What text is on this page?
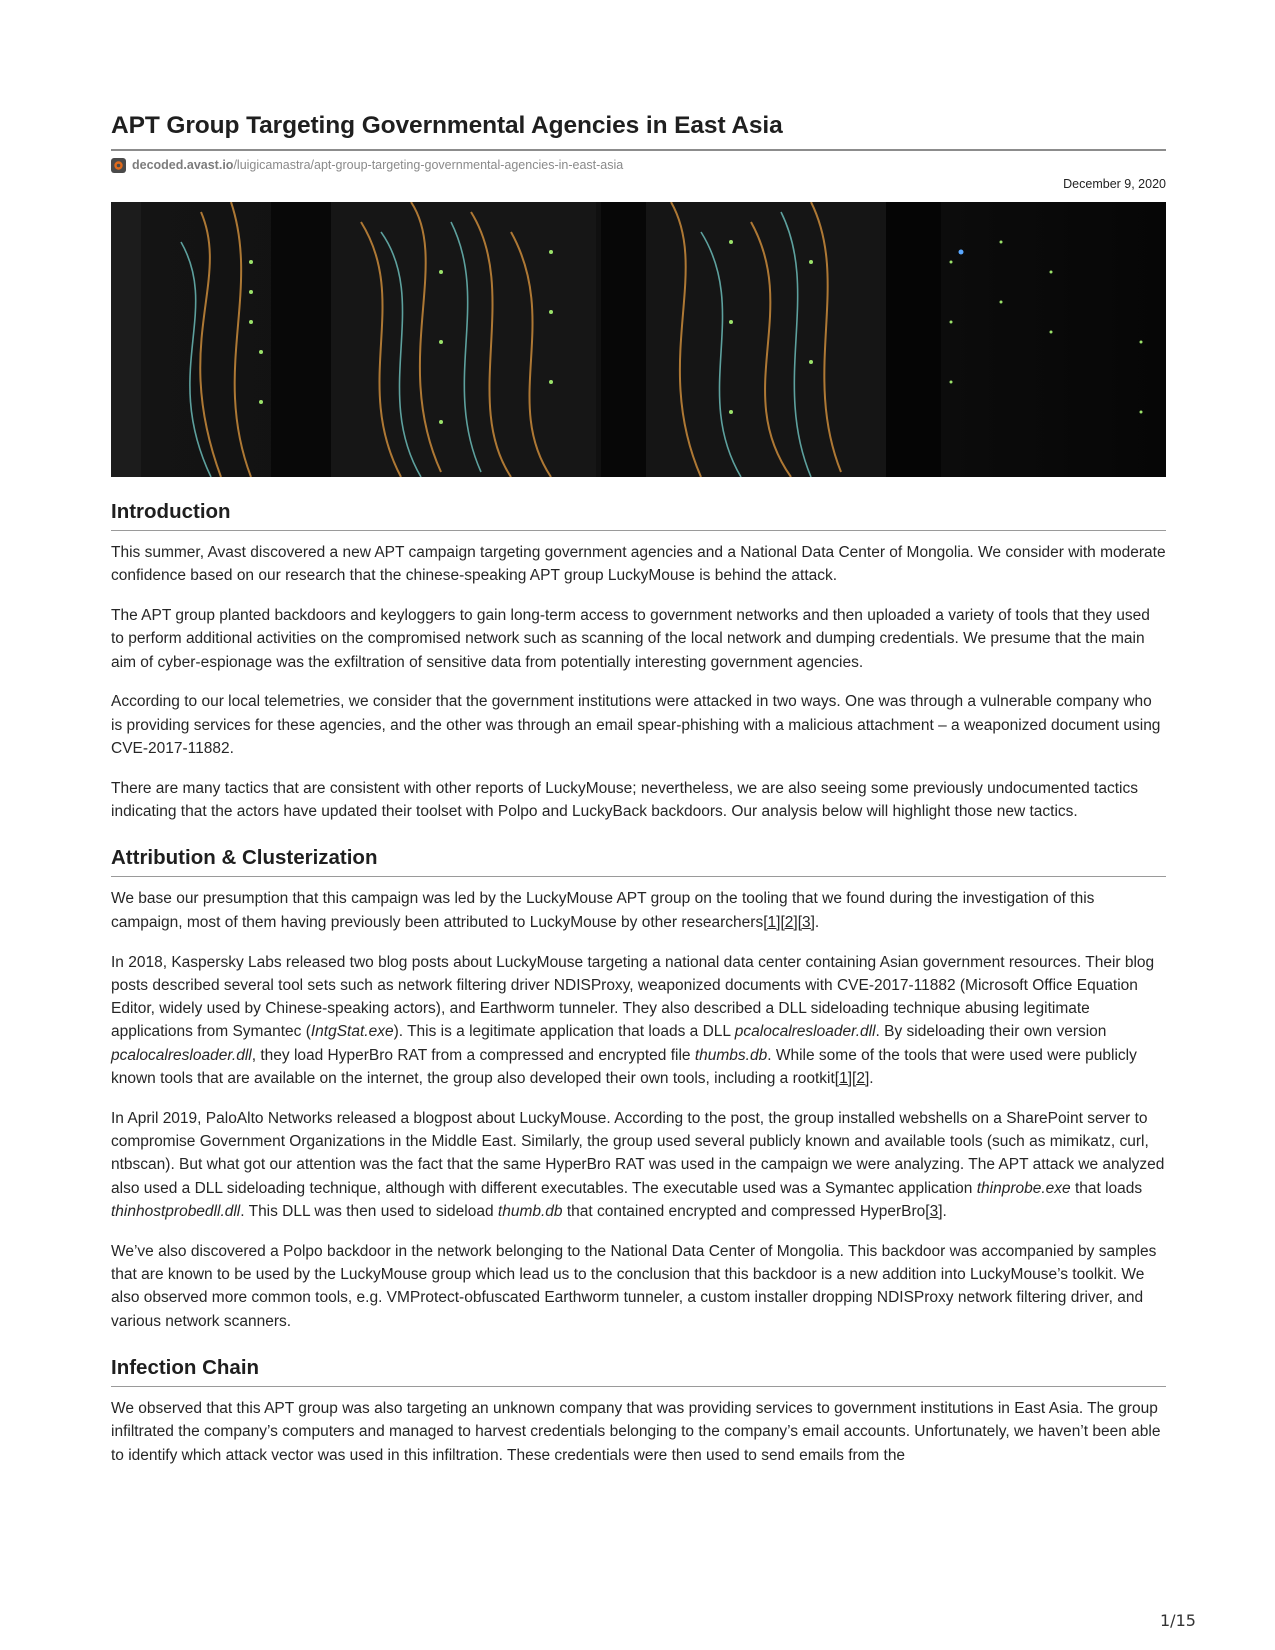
APT Group Targeting Governmental Agencies in East Asia
decoded.avast.io /luigicamastra/apt-group-targeting-governmental-agencies-in-east-asia
December 9, 2020
Introduction

This summer, Avast discovered a new APT campaign targeting government agencies and a National Data Center of Mongolia. We consider with moderate confidence based on our research that the chinese-speaking APT group LuckyMouse is behind the attack.

The APT group planted backdoors and keyloggers to gain long-term access to government networks and then uploaded a variety of tools that they used to perform additional activities on the compromised network such as scanning of the local network and dumping credentials. We presume that the main aim of cyber-espionage was the exfiltration of sensitive data from potentially interesting government agencies.

According to our local telemetries, we consider that the government institutions were attacked in two ways. One was through a vulnerable company who is providing services for these agencies, and the other was through an email spear-phishing with a malicious attachment – a weaponized document using CVE-2017-11882.

There are many tactics that are consistent with other reports of LuckyMouse; nevertheless, we are also seeing some previously undocumented tactics indicating that the actors have updated their toolset with Polpo and LuckyBack backdoors. Our analysis below will highlight those new tactics.

Attribution & Clusterization

We base our presumption that this campaign was led by the LuckyMouse APT group on the tooling that we found during the investigation of this campaign, most of them having previously been attributed to LuckyMouse by other researchers[1][2][3].

In 2018, Kaspersky Labs released two blog posts about LuckyMouse targeting a national data center containing Asian government resources. Their blog posts described several tool sets such as network filtering driver NDISProxy, weaponized documents with CVE-2017-11882 (Microsoft Office Equation Editor, widely used by Chinese-speaking actors), and Earthworm tunneler. They also described a DLL sideloading technique abusing legitimate applications from Symantec (IntgStat.exe). This is a legitimate application that loads a DLL pcalocalresloader.dll. By sideloading their own version pcalocalresloader.dll, they load HyperBro RAT from a compressed and encrypted file thumbs.db. While some of the tools that were used were publicly known tools that are available on the internet, the group also developed their own tools, including a rootkit[1][2].

In April 2019, PaloAlto Networks released a blogpost about LuckyMouse. According to the post, the group installed webshells on a SharePoint server to compromise Government Organizations in the Middle East. Similarly, the group used several publicly known and available tools (such as mimikatz, curl, ntbscan). But what got our attention was the fact that the same HyperBro RAT was used in the campaign we were analyzing. The APT attack we analyzed also used a DLL sideloading technique, although with different executables. The executable used was a Symantec application thinprobe.exe that loads thinhostprobedll.dll. This DLL was then used to sideload thumb.db that contained encrypted and compressed HyperBro[3].

We’ve also discovered a Polpo backdoor in the network belonging to the National Data Center of Mongolia. This backdoor was accompanied by samples that are known to be used by the LuckyMouse group which lead us to the conclusion that this backdoor is a new addition into LuckyMouse’s toolkit. We also observed more common tools, e.g. VMProtect-obfuscated Earthworm tunneler, a custom installer dropping NDISProxy network filtering driver, and various network scanners.

Infection Chain

We observed that this APT group was also targeting an unknown company that was providing services to government institutions in East Asia. The group infiltrated the company’s computers and managed to harvest credentials belonging to the company’s email accounts. Unfortunately, we haven’t been able to identify which attack vector was used in this infiltration. These credentials were then used to send emails from the

1/15
